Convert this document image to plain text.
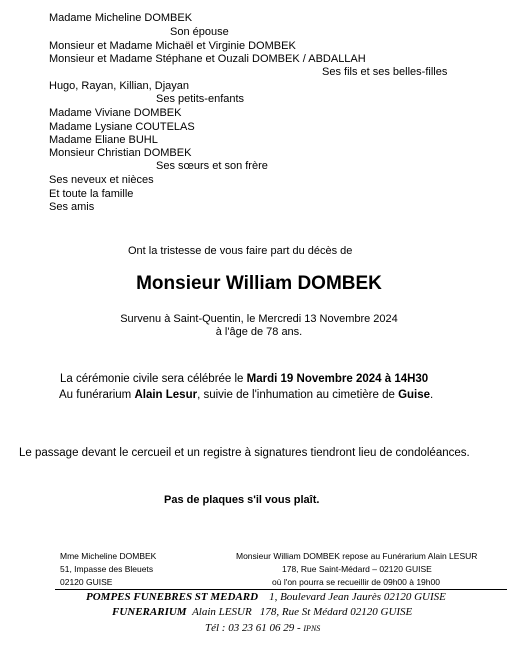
Madame Micheline DOMBEK
Son épouse
Monsieur et Madame Michaël et Virginie DOMBEK
Monsieur et Madame Stéphane et Ouzali DOMBEK / ABDALLAH
Ses fils et ses belles-filles
Hugo, Rayan, Killian, Djayan
Ses petits-enfants
Madame Viviane DOMBEK
Madame Lysiane COUTELAS
Madame Eliane BUHL
Monsieur Christian DOMBEK
Ses sœurs et son frère
Ses neveux et nièces
Et toute la famille
Ses amis
Ont la tristesse de vous faire part du décès de
Monsieur William DOMBEK
Survenu à Saint-Quentin, le Mercredi 13 Novembre 2024
à l'âge de 78 ans.
La cérémonie civile sera célébrée le Mardi 19 Novembre 2024 à 14H30
Au funérarium Alain Lesur, suivie de l'inhumation au cimetière de Guise.
Le passage devant le cercueil et un registre à signatures tiendront lieu de condoléances.
Pas de plaques s'il vous plaît.
Mme Micheline DOMBEK
51, Impasse des Bleuets
02120 GUISE
Monsieur William DOMBEK repose au Funérarium Alain LESUR
178, Rue Saint-Médard – 02120 GUISE
où l'on pourra se recueillir de 09h00 à 19h00
POMPES FUNEBRES ST MEDARD 1, Boulevard Jean Jaurès 02120 GUISE
FUNERARIUM Alain LESUR 178, Rue St Médard 02120 GUISE
Tél : 03 23 61 06 29 - IPNS
